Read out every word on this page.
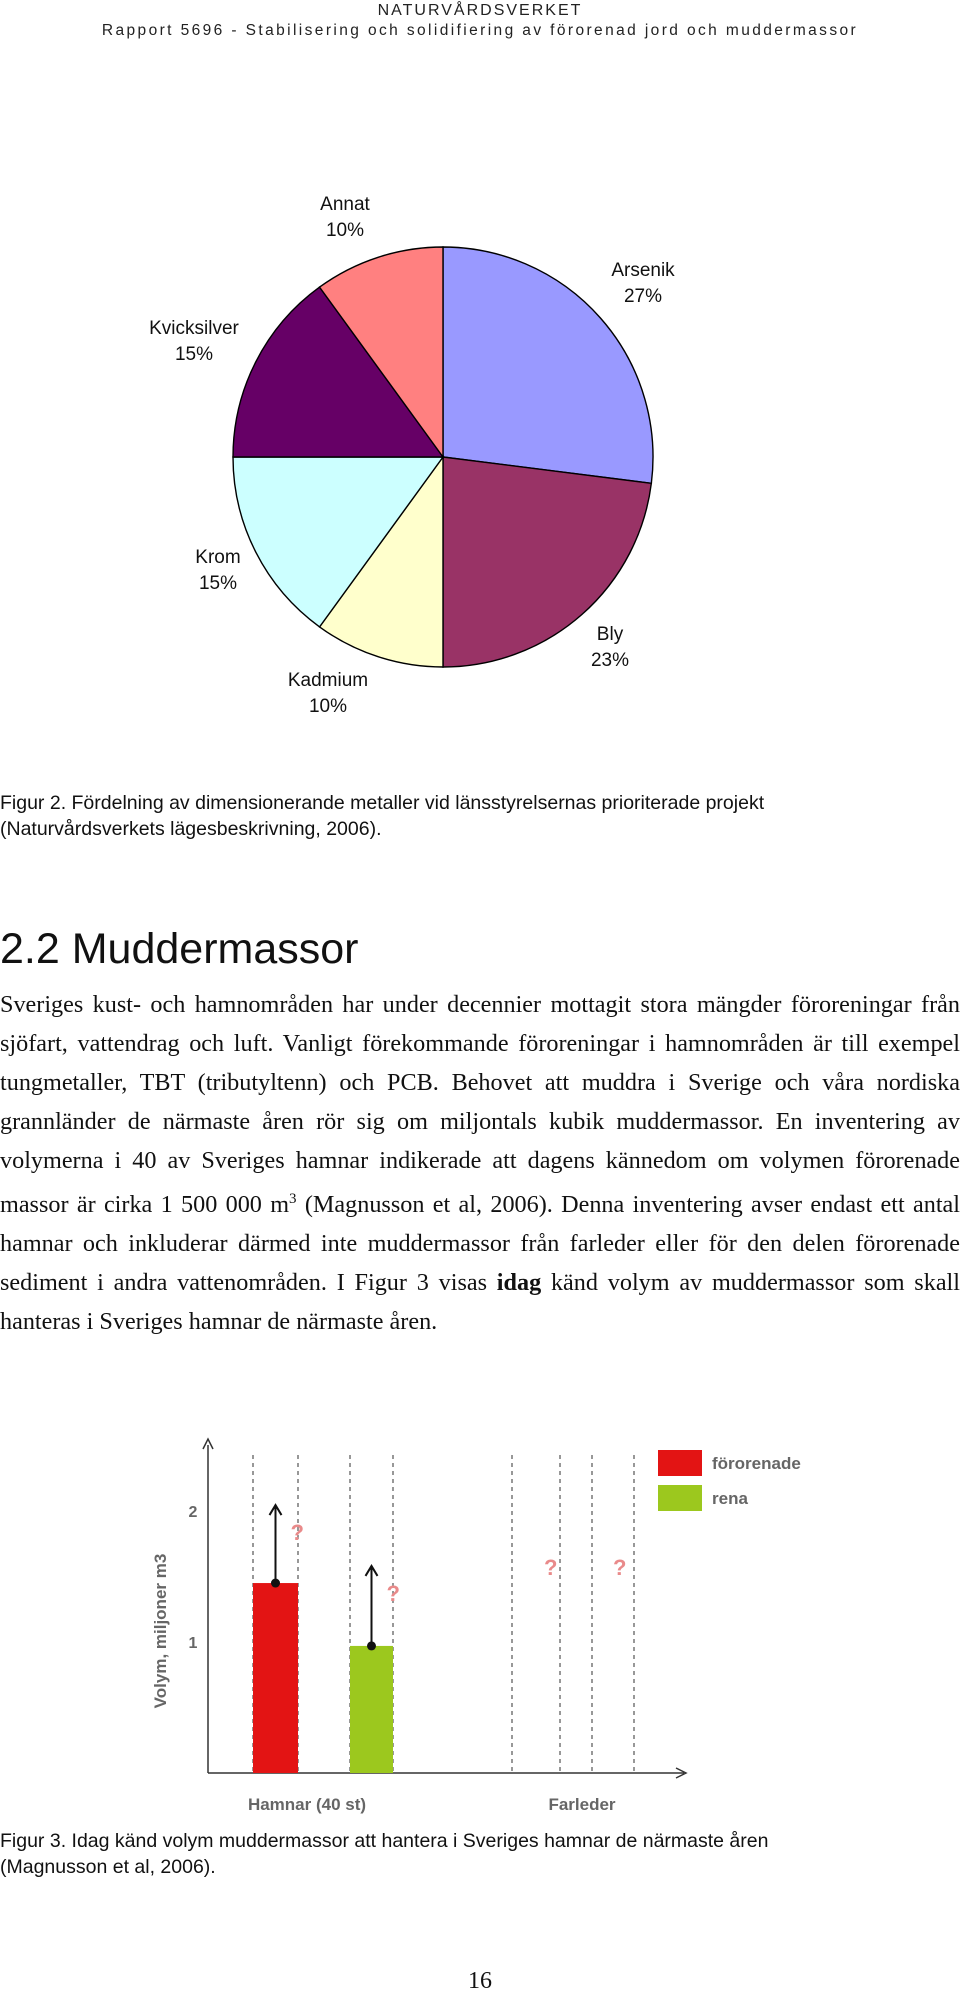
NATURVÅRDSVERKET
Rapport 5696 - Stabilisering och solidifiering av förorenad jord och muddermassor
Arsenik
27%
Bly
23%
Kadmium
10%
Krom
15%
Kvicksilver
15%
Annat
10%
Figur 2. Fördelning av dimensionerande metaller vid länsstyrelsernas prioriterade projekt
(Naturvårdsverkets lägesbeskrivning, 2006).
2.2 Muddermassor

Sveriges kust- och hamnområden har under decennier mottagit stora mängder föroreningar från sjöfart, vattendrag och luft. Vanligt förekommande föroreningar i hamnområden är till exempel tungmetaller, TBT (tributyltenn) och PCB. Behovet att muddra i Sverige och våra nordiska grannländer de närmaste åren rör sig om miljontals kubik muddermassor. En inventering av volymerna i 40 av Sveriges hamnar indikerade att dagens kännedom om volymen förorenade massor är cirka 1 500 000 $m^3$ (Magnusson et al, 2006). Denna inventering avser endast ett antal hamnar och inkluderar därmed inte muddermassor från farleder eller för den delen förorenade sediment i andra vattenområden. I Figur 3 visas idag känd volym av muddermassor som skall hanteras i Sveriges hamnar de närmaste åren.

Volym, miljoner m3 1
2
?
?
?	?
Hamnar (40 st)	Farleder
förorenade
rena
Figur 3. Idag känd volym muddermassor att hantera i Sveriges hamnar de närmaste åren
(Magnusson et al, 2006).
16
